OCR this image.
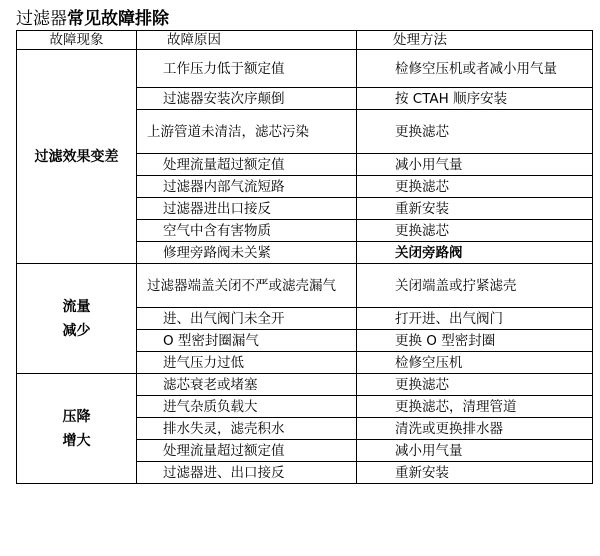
过滤器常见故障排除
故障现象	故障原因	处理方法

过滤效果变差	工作压力低于额定值	检修空压机或者减小用气量
	过滤器安装次序颠倒	按 CTAH 顺序安装
	上游管道未清洁，滤芯污染	更换滤芯
	处理流量超过额定值	减小用气量
	过滤器内部气流短路	更换滤芯
	过滤器进出口接反	重新安装
	空气中含有害物质	更换滤芯
	修理旁路阀未关紧	关闭旁路阀

流量
减少	过滤器端盖关闭不严或滤壳漏气	关闭端盖或拧紧滤壳
	进、出气阀门未全开	打开进、出气阀门
	O 型密封圈漏气	更换 O 型密封圈
	进气压力过低	检修空压机

压降
增大	滤芯衰老或堵塞	更换滤芯
	进气杂质负载大	更换滤芯，清理管道
	排水失灵，滤壳积水	清洗或更换排水器
	处理流量超过额定值	减小用气量
	过滤器进、出口接反	重新安装
